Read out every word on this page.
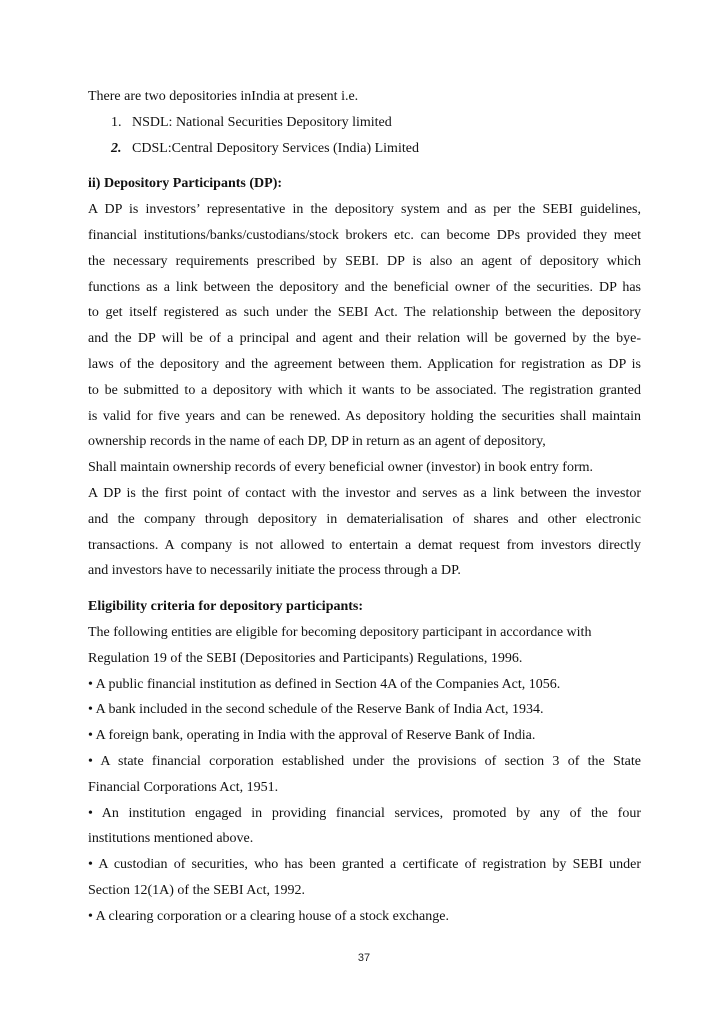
There are two depositories inIndia at present i.e.
1. NSDL: National Securities Depository limited
2. CDSL:Central Depository Services (India) Limited
ii) Depository Participants (DP):
A DP is investors’ representative in the depository system and as per the SEBI guidelines,
financial institutions/banks/custodians/stock brokers etc. can become DPs provided they meet
the necessary requirements prescribed by SEBI. DP is also an agent of depository which
functions as a link between the depository and the beneficial owner of the securities. DP has
to get itself registered as such under the SEBI Act. The relationship between the depository
and the DP will be of a principal and agent and their relation will be governed by the bye-
laws of the depository and the agreement between them. Application for registration as DP is
to be submitted to a depository with which it wants to be associated. The registration granted
is valid for five years and can be renewed. As depository holding the securities shall maintain
ownership records in the name of each DP, DP in return as an agent of depository,
Shall maintain ownership records of every beneficial owner (investor) in book entry form.
A DP is the first point of contact with the investor and serves as a link between the investor
and the company through depository in dematerialisation of shares and other electronic
transactions. A company is not allowed to entertain a demat request from investors directly
and investors have to necessarily initiate the process through a DP.
Eligibility criteria for depository participants:
The following entities are eligible for becoming depository participant in accordance with
Regulation 19 of the SEBI (Depositories and Participants) Regulations, 1996.
• A public financial institution as defined in Section 4A of the Companies Act, 1056.
• A bank included in the second schedule of the Reserve Bank of India Act, 1934.
• A foreign bank, operating in India with the approval of Reserve Bank of India.
• A state financial corporation established under the provisions of section 3 of the State
Financial Corporations Act, 1951.
• An institution engaged in providing financial services, promoted by any of the four
institutions mentioned above.
• A custodian of securities, who has been granted a certificate of registration by SEBI under
Section 12(1A) of the SEBI Act, 1992.
• A clearing corporation or a clearing house of a stock exchange.
37
